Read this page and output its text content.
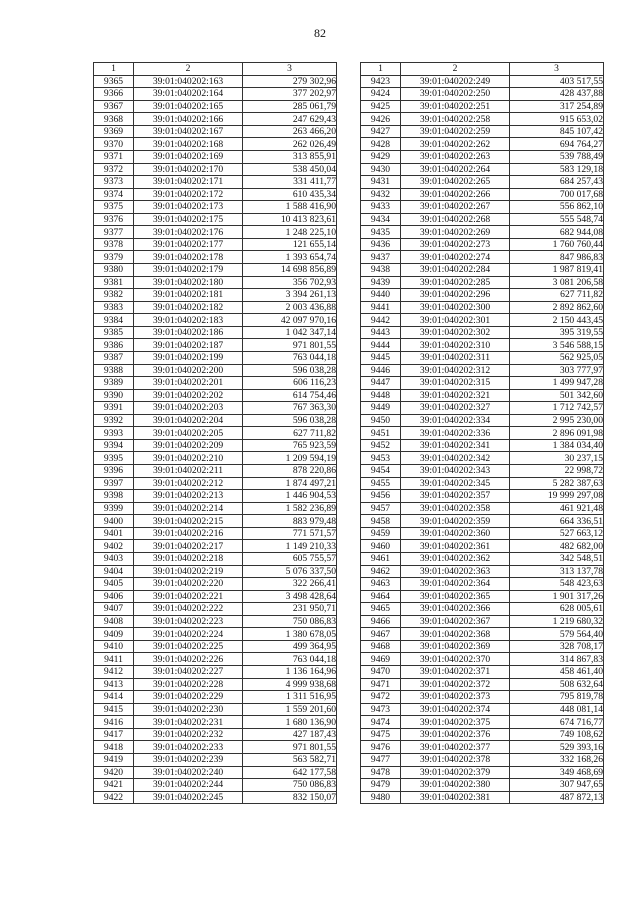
82
1	2	3
9365	39:01:040202:163	279 302,96
9366	39:01:040202:164	377 202,97
9367	39:01:040202:165	285 061,79
9368	39:01:040202:166	247 629,43
9369	39:01:040202:167	263 466,20
9370	39:01:040202:168	262 026,49
9371	39:01:040202:169	313 855,91
9372	39:01:040202:170	538 450,04
9373	39:01:040202:171	331 411,77
9374	39:01:040202:172	610 435,34
9375	39:01:040202:173	1 588 416,90
9376	39:01:040202:175	10 413 823,61
9377	39:01:040202:176	1 248 225,10
9378	39:01:040202:177	121 655,14
9379	39:01:040202:178	1 393 654,74
9380	39:01:040202:179	14 698 856,89
9381	39:01:040202:180	356 702,93
9382	39:01:040202:181	3 394 261,13
9383	39:01:040202:182	2 003 436,88
9384	39:01:040202:183	42 097 970,16
9385	39:01:040202:186	1 042 347,14
9386	39:01:040202:187	971 801,55
9387	39:01:040202:199	763 044,18
9388	39:01:040202:200	596 038,28
9389	39:01:040202:201	606 116,23
9390	39:01:040202:202	614 754,46
9391	39:01:040202:203	767 363,30
9392	39:01:040202:204	596 038,28
9393	39:01:040202:205	627 711,82
9394	39:01:040202:209	765 923,59
9395	39:01:040202:210	1 209 594,19
9396	39:01:040202:211	878 220,86
9397	39:01:040202:212	1 874 497,21
9398	39:01:040202:213	1 446 904,53
9399	39:01:040202:214	1 582 236,89
9400	39:01:040202:215	883 979,48
9401	39:01:040202:216	771 571,57
9402	39:01:040202:217	1 149 210,33
9403	39:01:040202:218	605 755,57
9404	39:01:040202:219	5 076 337,50
9405	39:01:040202:220	322 266,41
9406	39:01:040202:221	3 498 428,64
9407	39:01:040202:222	231 950,71
9408	39:01:040202:223	750 086,83
9409	39:01:040202:224	1 380 678,05
9410	39:01:040202:225	499 364,95
9411	39:01:040202:226	763 044,18
9412	39:01:040202:227	1 136 164,96
9413	39:01:040202:228	4 999 938,68
9414	39:01:040202:229	1 311 516,95
9415	39:01:040202:230	1 559 201,60
9416	39:01:040202:231	1 680 136,90
9417	39:01:040202:232	427 187,43
9418	39:01:040202:233	971 801,55
9419	39:01:040202:239	563 582,71
9420	39:01:040202:240	642 177,58
9421	39:01:040202:244	750 086,83
9422	39:01:040202:245	832 150,07
1	2	3
9423	39:01:040202:249	403 517,55
9424	39:01:040202:250	428 437,88
9425	39:01:040202:251	317 254,89
9426	39:01:040202:258	915 653,02
9427	39:01:040202:259	845 107,42
9428	39:01:040202:262	694 764,27
9429	39:01:040202:263	539 788,49
9430	39:01:040202:264	583 129,18
9431	39:01:040202:265	684 257,43
9432	39:01:040202:266	700 017,68
9433	39:01:040202:267	556 862,10
9434	39:01:040202:268	555 548,74
9435	39:01:040202:269	682 944,08
9436	39:01:040202:273	1 760 760,44
9437	39:01:040202:274	847 986,83
9438	39:01:040202:284	1 987 819,41
9439	39:01:040202:285	3 081 206,58
9440	39:01:040202:296	627 711,82
9441	39:01:040202:300	2 892 862,60
9442	39:01:040202:301	2 150 443,45
9443	39:01:040202:302	395 319,55
9444	39:01:040202:310	3 546 588,15
9445	39:01:040202:311	562 925,05
9446	39:01:040202:312	303 777,97
9447	39:01:040202:315	1 499 947,28
9448	39:01:040202:321	501 342,60
9449	39:01:040202:327	1 712 742,57
9450	39:01:040202:334	2 995 230,00
9451	39:01:040202:336	2 896 091,98
9452	39:01:040202:341	1 384 034,40
9453	39:01:040202:342	30 237,15
9454	39:01:040202:343	22 998,72
9455	39:01:040202:345	5 282 387,63
9456	39:01:040202:357	19 999 297,08
9457	39:01:040202:358	461 921,48
9458	39:01:040202:359	664 336,51
9459	39:01:040202:360	527 663,12
9460	39:01:040202:361	482 682,00
9461	39:01:040202:362	342 548,51
9462	39:01:040202:363	313 137,78
9463	39:01:040202:364	548 423,63
9464	39:01:040202:365	1 901 317,26
9465	39:01:040202:366	628 005,61
9466	39:01:040202:367	1 219 680,32
9467	39:01:040202:368	579 564,40
9468	39:01:040202:369	328 708,17
9469	39:01:040202:370	314 867,83
9470	39:01:040202:371	458 461,40
9471	39:01:040202:372	508 632,64
9472	39:01:040202:373	795 819,78
9473	39:01:040202:374	448 081,14
9474	39:01:040202:375	674 716,77
9475	39:01:040202:376	749 108,62
9476	39:01:040202:377	529 393,16
9477	39:01:040202:378	332 168,26
9478	39:01:040202:379	349 468,69
9479	39:01:040202:380	307 947,65
9480	39:01:040202:381	487 872,13
